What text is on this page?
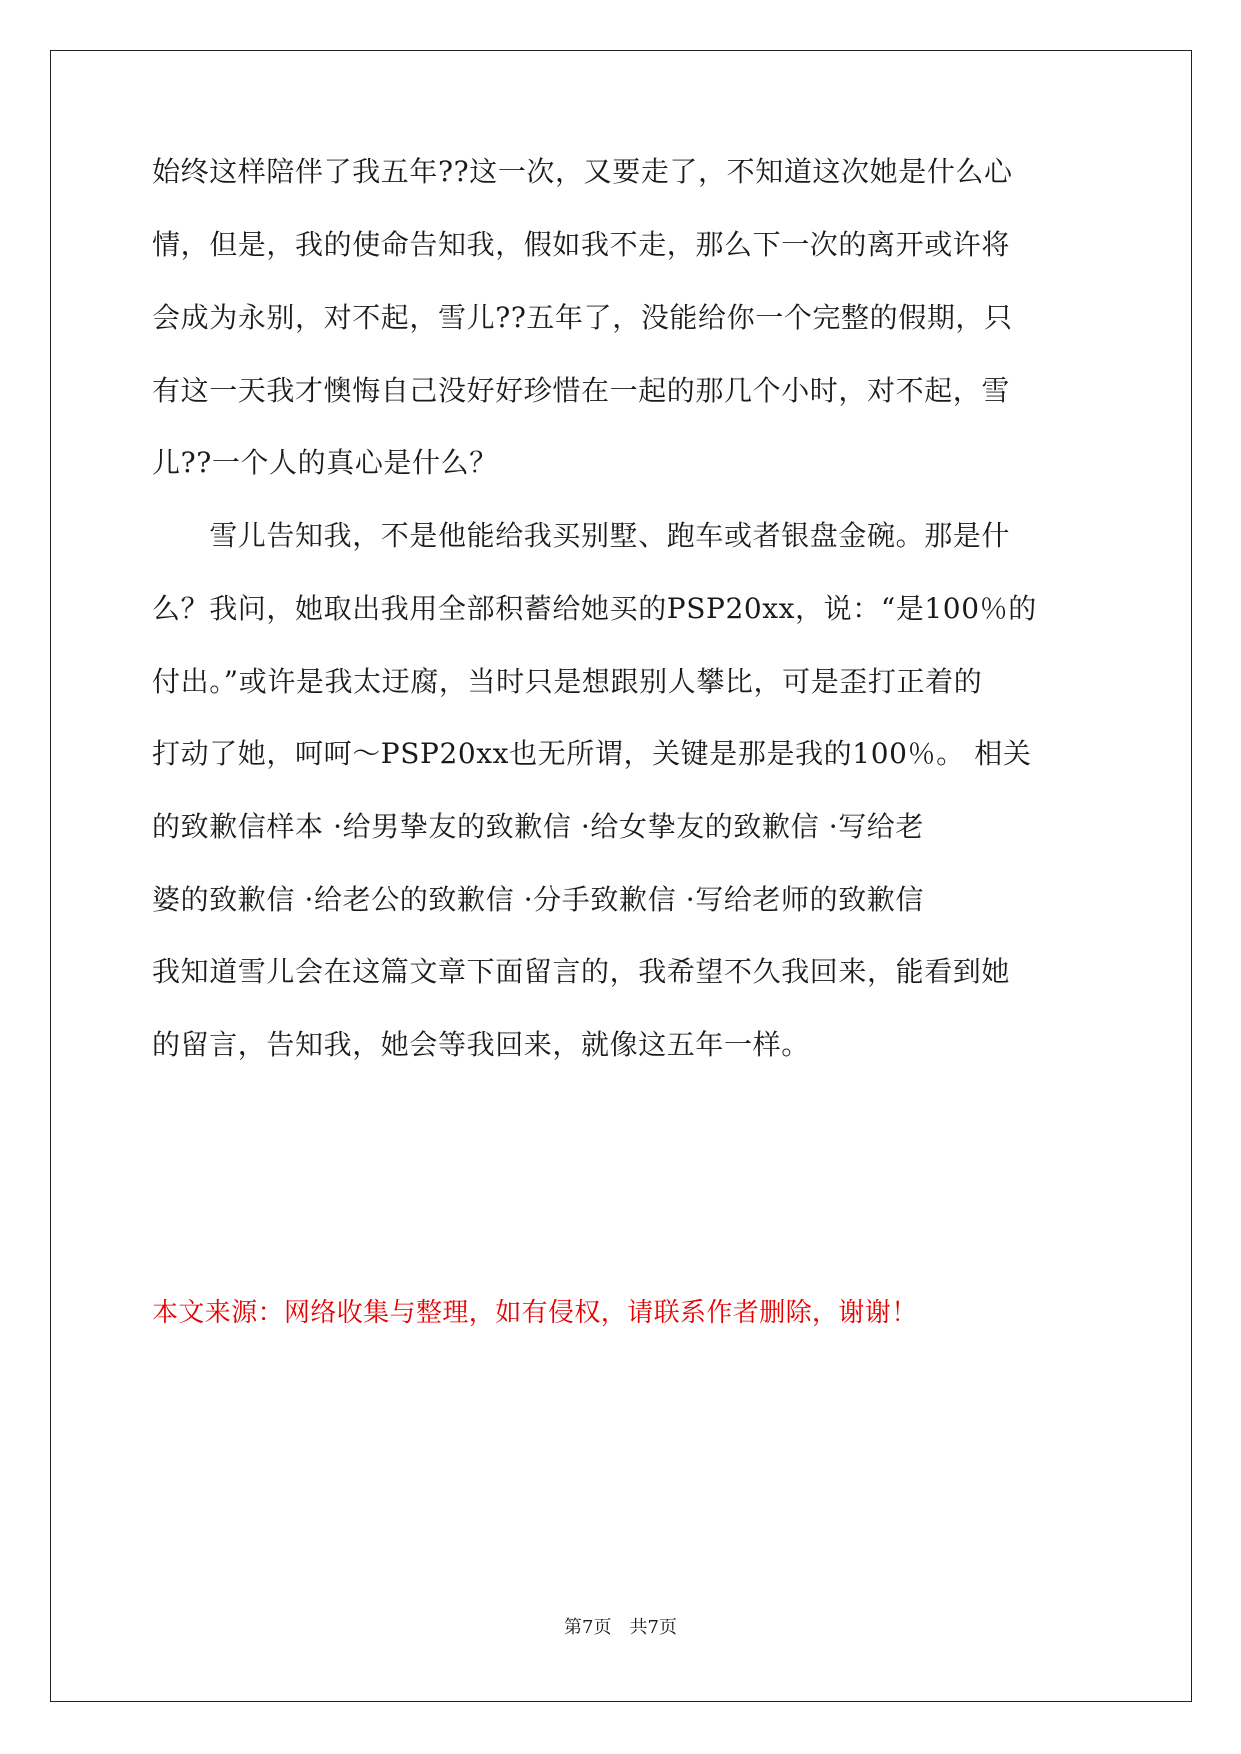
始终这样陪伴了我五年??这一次，又要走了，不知道这次她是什么心
情，但是，我的使命告知我，假如我不走，那么下一次的离开或许将
会成为永别，对不起，雪儿??五年了，没能给你一个完整的假期，只
有这一天我才懊悔自己没好好珍惜在一起的那几个小时，对不起，雪
儿??一个人的真心是什么？
　　雪儿告知我，不是他能给我买别墅、跑车或者银盘金碗。那是什
么？我问，她取出我用全部积蓄给她买的PSP20xx，说：“是100％的
付出。”或许是我太迂腐，当时只是想跟别人攀比，可是歪打正着的
打动了她，呵呵～PSP20xx也无所谓，关键是那是我的100％。 相关
的致歉信样本 ·给男挚友的致歉信 ·给女挚友的致歉信 ·写给老
婆的致歉信 ·给老公的致歉信 ·分手致歉信 ·写给老师的致歉信
我知道雪儿会在这篇文章下面留言的，我希望不久我回来，能看到她
的留言，告知我，她会等我回来，就像这五年一样。
本文来源：网络收集与整理，如有侵权，请联系作者删除，谢谢！
第7页　共7页
